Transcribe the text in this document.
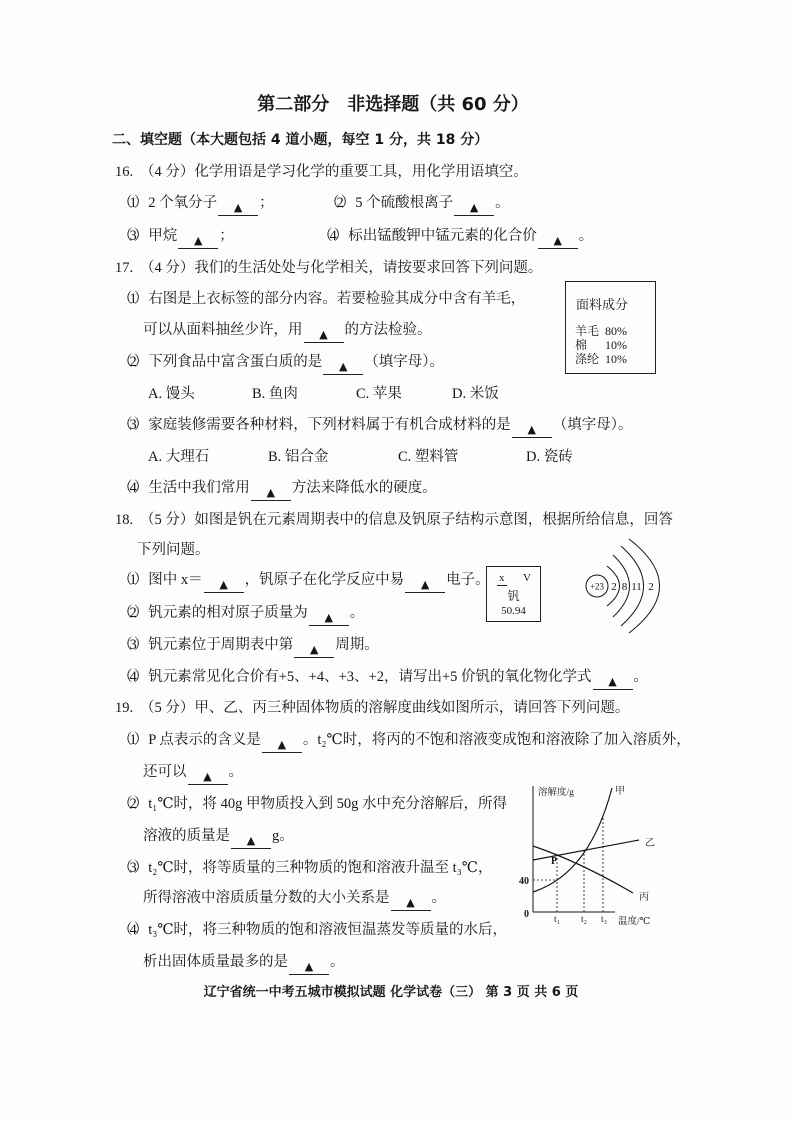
第二部分　非选择题（共 60 分）
二、填空题（本大题包括 4 道小题，每空 1 分，共 18 分）
16. （4 分）化学用语是学习化学的重要工具，用化学用语填空。
（1） 2 个氧分子 ▲ ；	（2） 5 个硫酸根离子 ▲ 。
（3） 甲烷 ▲ ；	（4） 标出锰酸钾中锰元素的化合价 ▲ 。
17. （4 分）我们的生活处处与化学相关，请按要求回答下列问题。
（1） 右图是上衣标签的部分内容。若要检验其成分中含有羊毛，
可以从面料抽丝少许，用 ▲ 的方法检验。
面料成分
羊毛 80%
棉 10%
涤纶 10%
（2） 下列食品中富含蛋白质的是 ▲ （填字母）。
A. 馒头	B. 鱼肉	C. 苹果	D. 米饭
（3） 家庭装修需要各种材料，下列材料属于有机合成材料的是 ▲ （填字母）。
A. 大理石	B. 铝合金	C. 塑料管	D. 瓷砖
（4） 生活中我们常用 ▲ 方法来降低水的硬度。
18. （5 分）如图是钒在元素周期表中的信息及钒原子结构示意图，根据所给信息，回答
下列问题。
（1） 图中 x＝ ▲ ，钒原子在化学反应中易 ▲ 电子。 x V
钒
50.94
+23 2 8 11 2
（2） 钒元素的相对原子质量为 ▲ 。
（3） 钒元素位于周期表中第 ▲ 周期。
（4） 钒元素常见化合价有+5、+4、+3、+2，请写出+5 价钒的氧化物化学式 ▲ 。
19. （5 分）甲、乙、丙三种固体物质的溶解度曲线如图所示，请回答下列问题。
（1） P 点表示的含义是 ▲ 。t₂℃时，将丙的不饱和溶液变成饱和溶液除了加入溶质外，
还可以 ▲ 。
（2） t₁℃时，将 40g 甲物质投入到 50g 水中充分溶解后，所得
溶液的质量是 ▲ g。
（3） t₂℃时，将等质量的三种物质的饱和溶液升温至 t₃℃，
所得溶液中溶质质量分数的大小关系是 ▲ 。
（4） t₃℃时，将三种物质的饱和溶液恒温蒸发等质量的水后，
析出固体质量最多的是 ▲ 。
溶解度/g	甲
乙
丙
P
40
0	t₁ t₂ t₃ 温度/℃
辽宁省统一中考五城市模拟试题 化学试卷（三） 第 3 页 共 6 页
